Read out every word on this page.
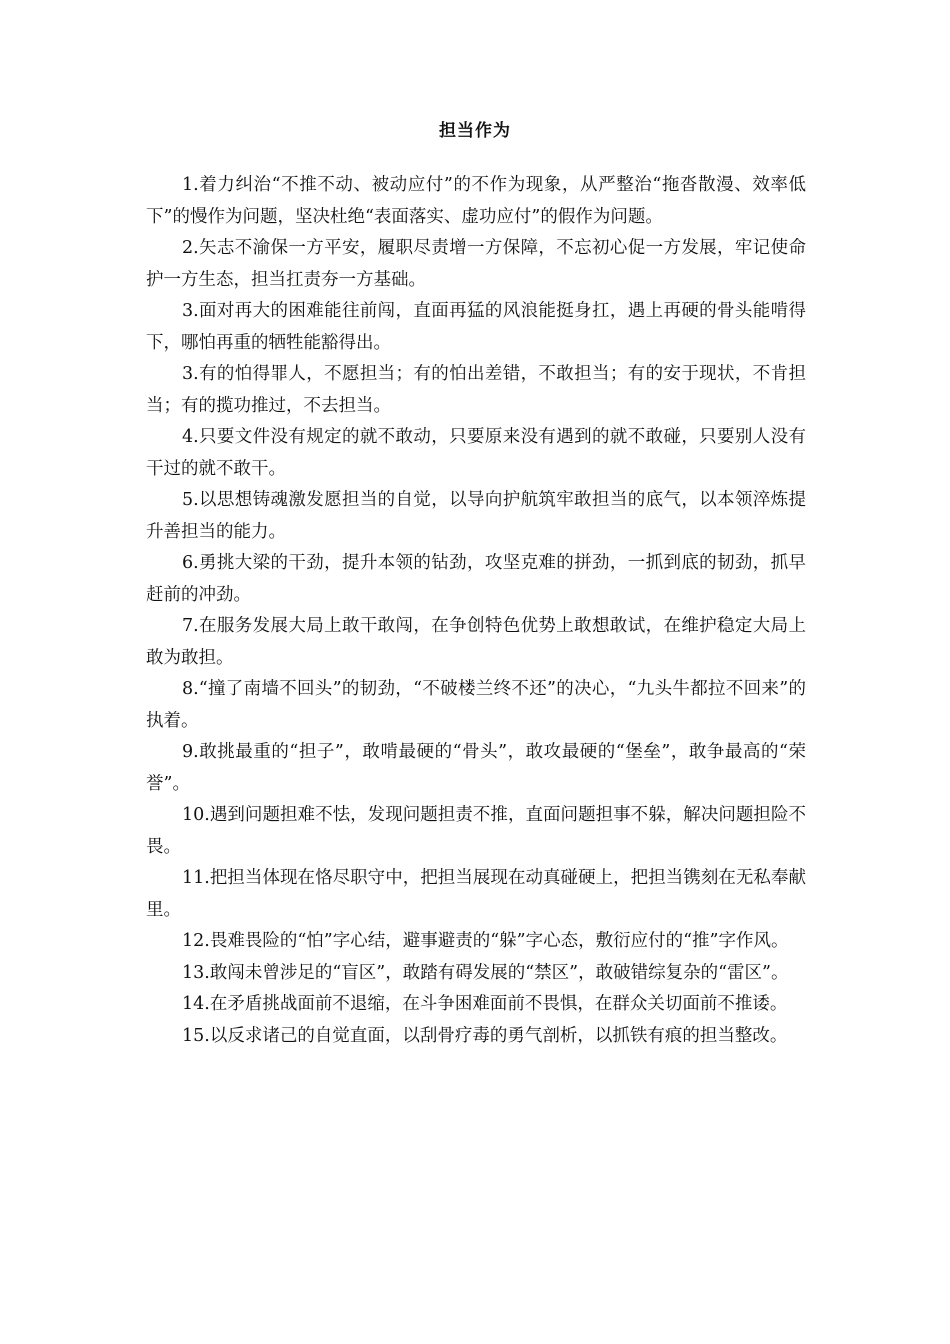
担当作为

1.着力纠治“不推不动、被动应付”的不作为现象，从严整治“拖沓散漫、效率低下”的慢作为问题，坚决杜绝“表面落实、虚功应付”的假作为问题。

2.矢志不渝保一方平安，履职尽责增一方保障，不忘初心促一方发展，牢记使命护一方生态，担当扛责夯一方基础。

3.面对再大的困难能往前闯，直面再猛的风浪能挺身扛，遇上再硬的骨头能啃得下，哪怕再重的牺牲能豁得出。

3.有的怕得罪人，不愿担当；有的怕出差错，不敢担当；有的安于现状，不肯担当；有的揽功推过，不去担当。

4.只要文件没有规定的就不敢动，只要原来没有遇到的就不敢碰，只要别人没有干过的就不敢干。

5.以思想铸魂激发愿担当的自觉，以导向护航筑牢敢担当的底气，以本领淬炼提升善担当的能力。

6.勇挑大梁的干劲，提升本领的钻劲，攻坚克难的拼劲，一抓到底的韧劲，抓早赶前的冲劲。

7.在服务发展大局上敢干敢闯，在争创特色优势上敢想敢试，在维护稳定大局上敢为敢担。

8.“撞了南墙不回头”的韧劲，“不破楼兰终不还”的决心，“九头牛都拉不回来”的执着。

9.敢挑最重的“担子”，敢啃最硬的“骨头”，敢攻最硬的“堡垒”，敢争最高的“荣誉”。

10.遇到问题担难不怯，发现问题担责不推，直面问题担事不躲，解决问题担险不畏。

11.把担当体现在恪尽职守中，把担当展现在动真碰硬上，把担当镌刻在无私奉献里。

12.畏难畏险的“怕”字心结，避事避责的“躲”字心态，敷衍应付的“推”字作风。

13.敢闯未曾涉足的“盲区”，敢踏有碍发展的“禁区”，敢破错综复杂的“雷区”。

14.在矛盾挑战面前不退缩，在斗争困难面前不畏惧，在群众关切面前不推诿。

15.以反求诸己的自觉直面，以刮骨疗毒的勇气剖析，以抓铁有痕的担当整改。
